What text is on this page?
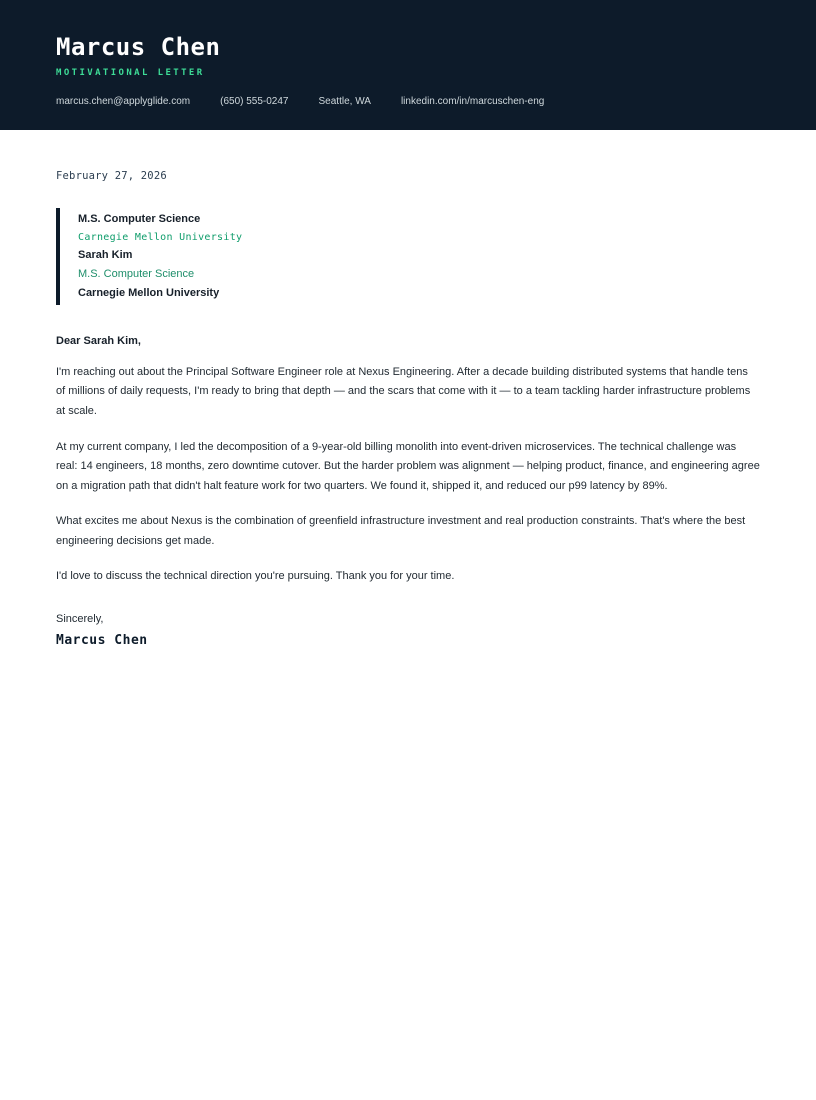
Marcus Chen
MOTIVATIONAL LETTER
marcus.chen@applyglide.com	(650) 555-0247	Seattle, WA	linkedin.com/in/marcuschen-eng
February 27, 2026
M.S. Computer Science
Carnegie Mellon University
Sarah Kim
M.S. Computer Science
Carnegie Mellon University
Dear Sarah Kim,

I'm reaching out about the Principal Software Engineer role at Nexus Engineering. After a decade building distributed systems that handle tens of millions of daily requests, I'm ready to bring that depth — and the scars that come with it — to a team tackling harder infrastructure problems at scale.

At my current company, I led the decomposition of a 9-year-old billing monolith into event-driven microservices. The technical challenge was real: 14 engineers, 18 months, zero downtime cutover. But the harder problem was alignment — helping product, finance, and engineering agree on a migration path that didn't halt feature work for two quarters. We found it, shipped it, and reduced our p99 latency by 89%.

What excites me about Nexus is the combination of greenfield infrastructure investment and real production constraints. That's where the best engineering decisions get made.

I'd love to discuss the technical direction you're pursuing. Thank you for your time.

Sincerely,
Marcus Chen
